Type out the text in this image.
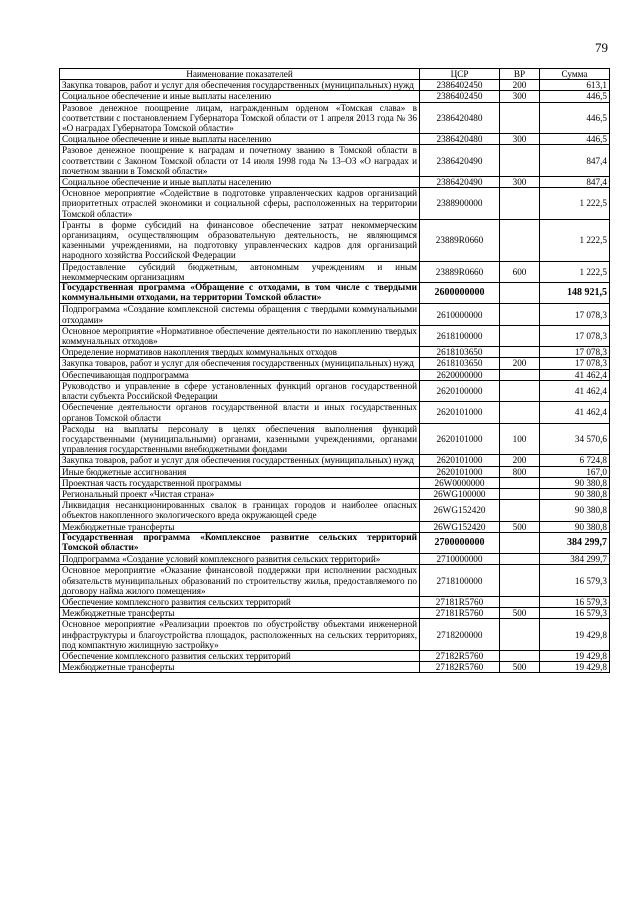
79
Наименование показателей	ЦСР	ВР	Сумма
Закупка товаров, работ и услуг для обеспечения государственных (муниципальных) нужд	2386402450	200	613,1
Социальное обеспечение и иные выплаты населению	2386402450	300	446,5
Разовое денежное поощрение лицам, награжденным орденом «Томская слава» в соответствии с постановлением Губернатора Томской области от 1 апреля 2013 года № 36 «О наградах Губернатора Томской области»	2386420480		446,5
Социальное обеспечение и иные выплаты населению	2386420480	300	446,5
Разовое денежное поощрение к наградам и почетному званию в Томской области в соответствии с Законом Томской области от 14 июля 1998 года № 13–ОЗ «О наградах и почетном звании в Томской области»	2386420490		847,4
Социальное обеспечение и иные выплаты населению	2386420490	300	847,4
Основное мероприятие «Содействие в подготовке управленческих кадров организаций приоритетных отраслей экономики и социальной сферы, расположенных на территории Томской области»	2388900000		1 222,5
Гранты в форме субсидий на финансовое обеспечение затрат некоммерческим организациям, осуществляющим образовательную деятельность, не являющимся казенными учреждениями, на подготовку управленческих кадров для организаций народного хозяйства Российской Федерации	23889R0660		1 222,5
Предоставление субсидий бюджетным, автономным учреждениям и иным некоммерческим организациям	23889R0660	600	1 222,5
Государственная программа «Обращение с отходами, в том числе с твердыми коммунальными отходами, на территории Томской области»	2600000000		148 921,5
Подпрограмма «Создание комплексной системы обращения с твердыми коммунальными отходами»	2610000000		17 078,3
Основное мероприятие «Нормативное обеспечение деятельности по накоплению твердых коммунальных отходов»	2618100000		17 078,3
Определение нормативов накопления твердых коммунальных отходов	2618103650		17 078,3
Закупка товаров, работ и услуг для обеспечения государственных (муниципальных) нужд	2618103650	200	17 078,3
Обеспечивающая подпрограмма	2620000000		41 462,4
Руководство и управление в сфере установленных функций органов государственной власти субъекта Российской Федерации	2620100000		41 462,4
Обеспечение деятельности органов государственной власти и иных государственных органов Томской области	2620101000		41 462,4
Расходы на выплаты персоналу в целях обеспечения выполнения функций государственными (муниципальными) органами, казенными учреждениями, органами управления государственными внебюджетными фондами	2620101000	100	34 570,6
Закупка товаров, работ и услуг для обеспечения государственных (муниципальных) нужд	2620101000	200	6 724,8
Иные бюджетные ассигнования	2620101000	800	167,0
Проектная часть государственной программы	26W0000000		90 380,8
Региональный проект «Чистая страна»	26WG100000		90 380,8
Ликвидация несанкционированных свалок в границах городов и наиболее опасных объектов накопленного экологического вреда окружающей среде	26WG152420		90 380,8
Межбюджетные трансферты	26WG152420	500	90 380,8
Государственная программа «Комплексное развитие сельских территорий Томской области»	2700000000		384 299,7
Подпрограмма «Создание условий комплексного развития сельских территорий»	2710000000		384 299,7
Основное мероприятие «Оказание финансовой поддержки при исполнении расходных обязательств муниципальных образований по строительству жилья, предоставляемого по договору найма жилого помещения»	2718100000		16 579,3
Обеспечение комплексного развития сельских территорий	27181R5760		16 579,3
Межбюджетные трансферты	27181R5760	500	16 579,3
Основное мероприятие «Реализации проектов по обустройству объектами инженерной инфраструктуры и благоустройства площадок, расположенных на сельских территориях, под компактную жилищную застройку»	2718200000		19 429,8
Обеспечение комплексного развития сельских территорий	27182R5760		19 429,8
Межбюджетные трансферты	27182R5760	500	19 429,8
